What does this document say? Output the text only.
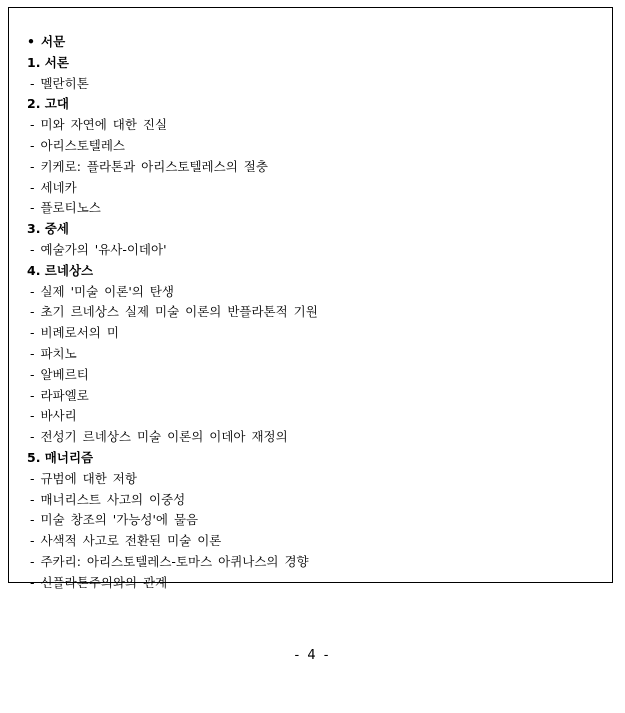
• 서문
1. 서론
- 멜란히톤
2. 고대
- 미와 자연에 대한 진실
- 아리스토텔레스
- 키케로: 플라톤과 아리스토텔레스의 절충
- 세네카
- 플로티노스
3. 중세
- 예술가의 '유사-이데아'
4. 르네상스
- 실제 '미술 이론'의 탄생
- 초기 르네상스 실제 미술 이론의 반플라톤적 기원
- 비례로서의 미
- 파치노
- 알베르티
- 라파엘로
- 바사리
- 전성기 르네상스 미술 이론의 이데아 재정의
5. 매너리즘
- 규범에 대한 저항
- 매너리스트 사고의 이중성
- 미술 창조의 '가능성'에 물음
- 사색적 사고로 전환된 미술 이론
- 주카리: 아리스토텔레스-토마스 아퀴나스의 경향
- 신플라톤주의와의 관계
- 4 -
